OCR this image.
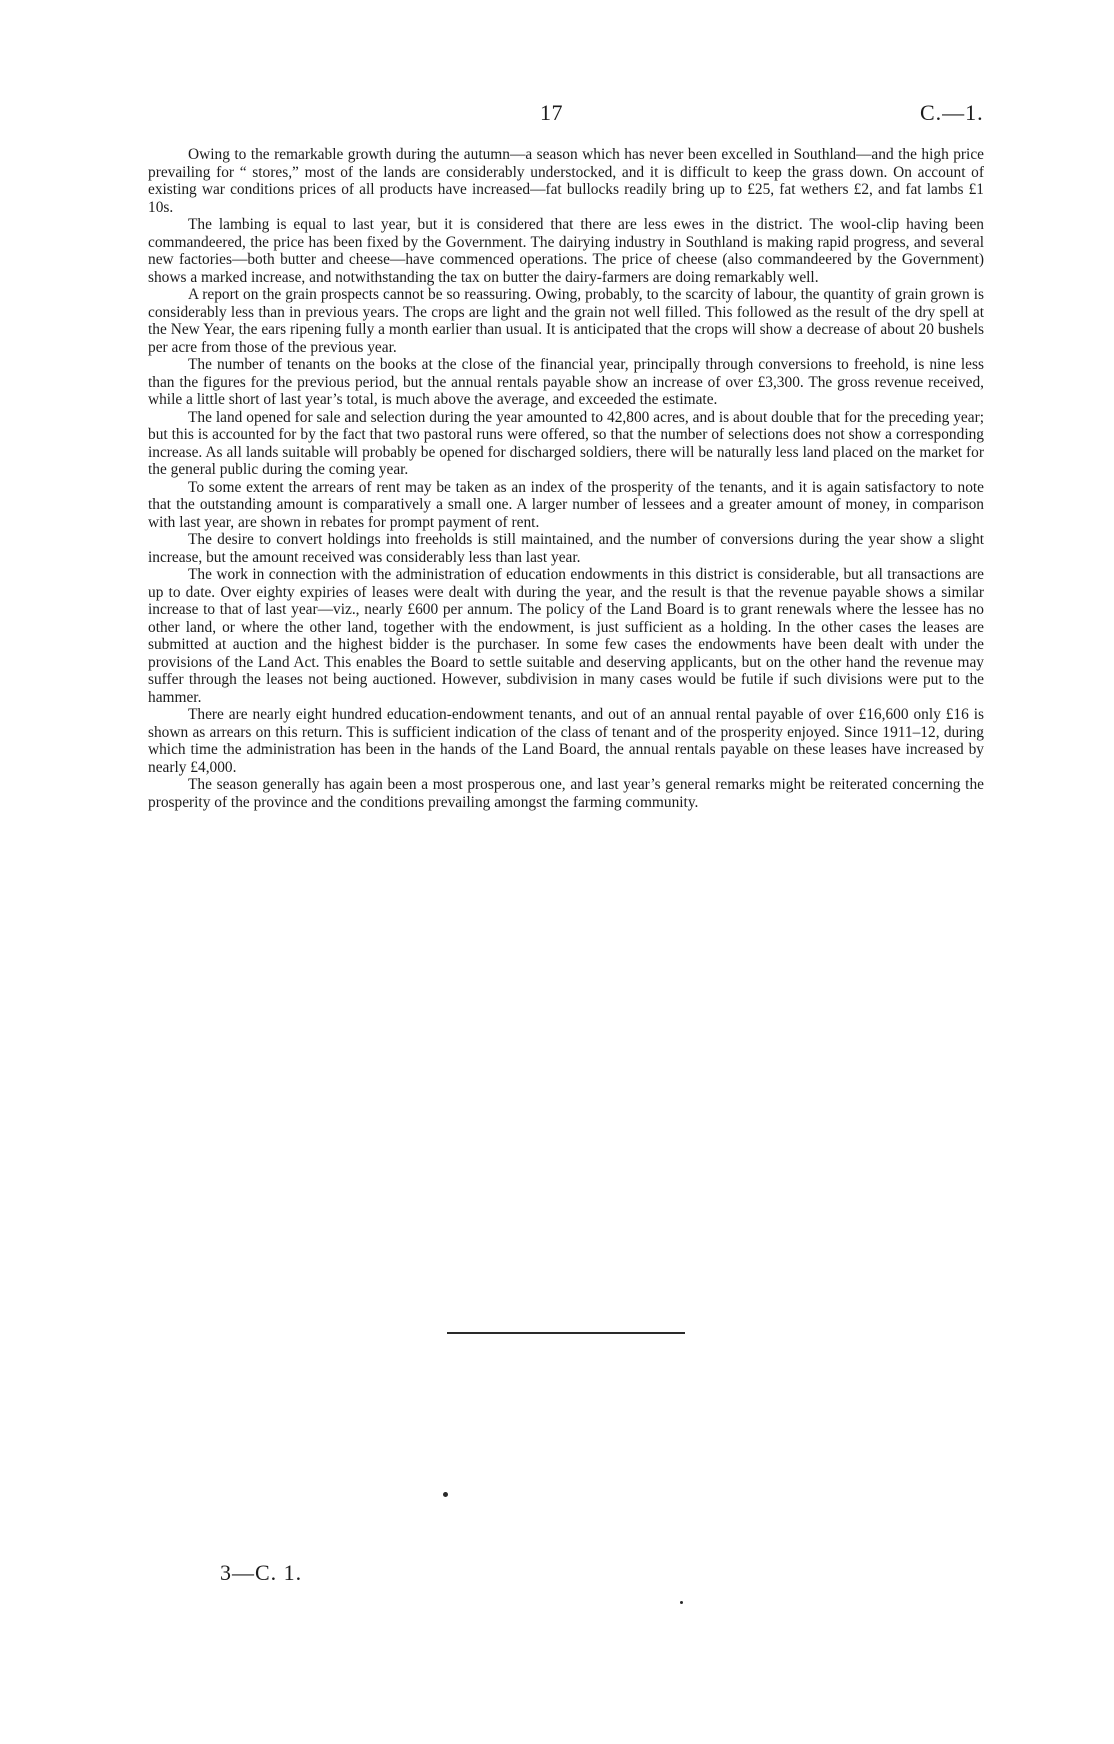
17	C.—1.

Owing to the remarkable growth during the autumn—a season which has never been excelled in Southland—and the high price prevailing for “ stores,” most of the lands are considerably understocked, and it is difficult to keep the grass down. On account of existing war conditions prices of all products have increased—fat bullocks readily bring up to £25, fat wethers £2, and fat lambs £1 10s.

The lambing is equal to last year, but it is considered that there are less ewes in the district. The wool-clip having been commandeered, the price has been fixed by the Government. The dairying industry in Southland is making rapid progress, and several new factories—both butter and cheese—have commenced operations. The price of cheese (also commandeered by the Government) shows a marked increase, and notwithstanding the tax on butter the dairy-farmers are doing remarkably well.

A report on the grain prospects cannot be so reassuring. Owing, probably, to the scarcity of labour, the quantity of grain grown is considerably less than in previous years. The crops are light and the grain not well filled. This followed as the result of the dry spell at the New Year, the ears ripening fully a month earlier than usual. It is anticipated that the crops will show a decrease of about 20 bushels per acre from those of the previous year.

The number of tenants on the books at the close of the financial year, principally through conversions to freehold, is nine less than the figures for the previous period, but the annual rentals payable show an increase of over £3,300. The gross revenue received, while a little short of last year’s total, is much above the average, and exceeded the estimate.

The land opened for sale and selection during the year amounted to 42,800 acres, and is about double that for the preceding year; but this is accounted for by the fact that two pastoral runs were offered, so that the number of selections does not show a corresponding increase. As all lands suitable will probably be opened for discharged soldiers, there will be naturally less land placed on the market for the general public during the coming year.

To some extent the arrears of rent may be taken as an index of the prosperity of the tenants, and it is again satisfactory to note that the outstanding amount is comparatively a small one. A larger number of lessees and a greater amount of money, in comparison with last year, are shown in rebates for prompt payment of rent.

The desire to convert holdings into freeholds is still maintained, and the number of conversions during the year show a slight increase, but the amount received was considerably less than last year.

The work in connection with the administration of education endowments in this district is considerable, but all transactions are up to date. Over eighty expiries of leases were dealt with during the year, and the result is that the revenue payable shows a similar increase to that of last year—viz., nearly £600 per annum. The policy of the Land Board is to grant renewals where the lessee has no other land, or where the other land, together with the endowment, is just sufficient as a holding. In the other cases the leases are submitted at auction and the highest bidder is the purchaser. In some few cases the endowments have been dealt with under the provisions of the Land Act. This enables the Board to settle suitable and deserving applicants, but on the other hand the revenue may suffer through the leases not being auctioned. However, subdivision in many cases would be futile if such divisions were put to the hammer.

There are nearly eight hundred education-endowment tenants, and out of an annual rental payable of over £16,600 only £16 is shown as arrears on this return. This is sufficient indication of the class of tenant and of the prosperity enjoyed. Since 1911–12, during which time the administration has been in the hands of the Land Board, the annual rentals payable on these leases have increased by nearly £4,000.

The season generally has again been a most prosperous one, and last year’s general remarks might be reiterated concerning the prosperity of the province and the conditions prevailing amongst the farming community.

3—C. 1.
